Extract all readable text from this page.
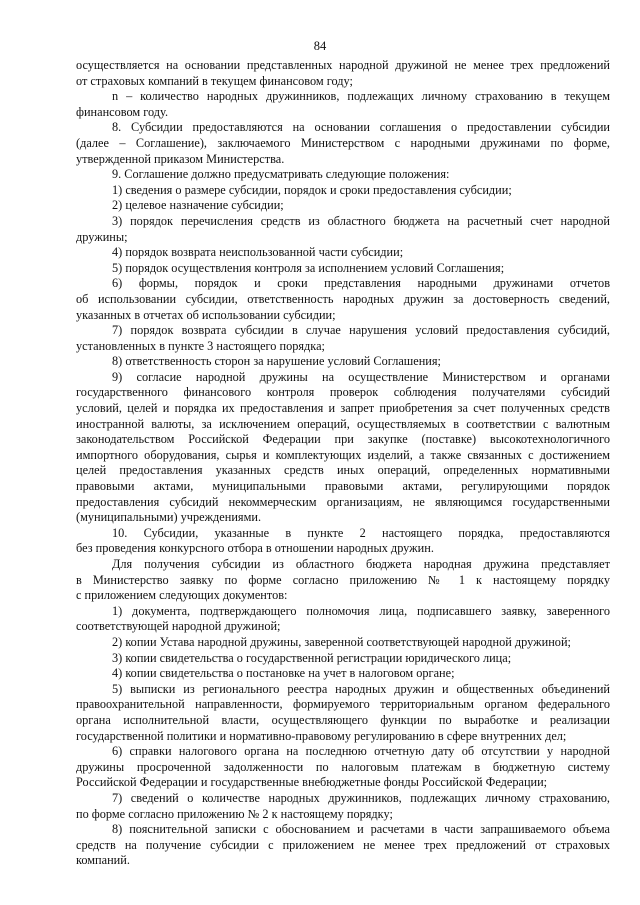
84
осуществляется на основании представленных народной дружиной не менее трех предложений
от страховых компаний в текущем финансовом году;
n – количество народных дружинников, подлежащих личному страхованию в текущем
финансовом году.
8. Субсидии предоставляются на основании соглашения о предоставлении субсидии
(далее – Соглашение), заключаемого Министерством с народными дружинами по форме,
утвержденной приказом Министерства.
9. Соглашение должно предусматривать следующие положения:
1) сведения о размере субсидии, порядок и сроки предоставления субсидии;
2) целевое назначение субсидии;
3) порядок перечисления средств из областного бюджета на расчетный счет народной
дружины;
4) порядок возврата неиспользованной части субсидии;
5) порядок осуществления контроля за исполнением условий Соглашения;
6) формы, порядок и сроки представления народными дружинами отчетов
об использовании субсидии, ответственность народных дружин за достоверность сведений,
указанных в отчетах об использовании субсидии;
7) порядок возврата субсидии в случае нарушения условий предоставления субсидий,
установленных в пункте 3 настоящего порядка;
8) ответственность сторон за нарушение условий Соглашения;
9) согласие народной дружины на осуществление Министерством и органами
государственного финансового контроля проверок соблюдения получателями субсидий
условий, целей и порядка их предоставления и запрет приобретения за счет полученных средств
иностранной валюты, за исключением операций, осуществляемых в соответствии с валютным
законодательством Российской Федерации при закупке (поставке) высокотехнологичного
импортного оборудования, сырья и комплектующих изделий, а также связанных с достижением
целей предоставления указанных средств иных операций, определенных нормативными
правовыми актами, муниципальными правовыми актами, регулирующими порядок
предоставления субсидий некоммерческим организациям, не являющимся государственными
(муниципальными) учреждениями.
10. Субсидии, указанные в пункте 2 настоящего порядка, предоставляются
без проведения конкурсного отбора в отношении народных дружин.
Для получения субсидии из областного бюджета народная дружина представляет
в Министерство заявку по форме согласно приложению № 1 к настоящему порядку
с приложением следующих документов:
1) документа, подтверждающего полномочия лица, подписавшего заявку, заверенного
соответствующей народной дружиной;
2) копии Устава народной дружины, заверенной соответствующей народной дружиной;
3) копии свидетельства о государственной регистрации юридического лица;
4) копии свидетельства о постановке на учет в налоговом органе;
5) выписки из регионального реестра народных дружин и общественных объединений
правоохранительной направленности, формируемого территориальным органом федерального
органа исполнительной власти, осуществляющего функции по выработке и реализации
государственной политики и нормативно-правовому регулированию в сфере внутренних дел;
6) справки налогового органа на последнюю отчетную дату об отсутствии у народной
дружины просроченной задолженности по налоговым платежам в бюджетную систему
Российской Федерации и государственные внебюджетные фонды Российской Федерации;
7) сведений о количестве народных дружинников, подлежащих личному страхованию,
по форме согласно приложению № 2 к настоящему порядку;
8) пояснительной записки с обоснованием и расчетами в части запрашиваемого объема
средств на получение субсидии с приложением не менее трех предложений от страховых
компаний.
